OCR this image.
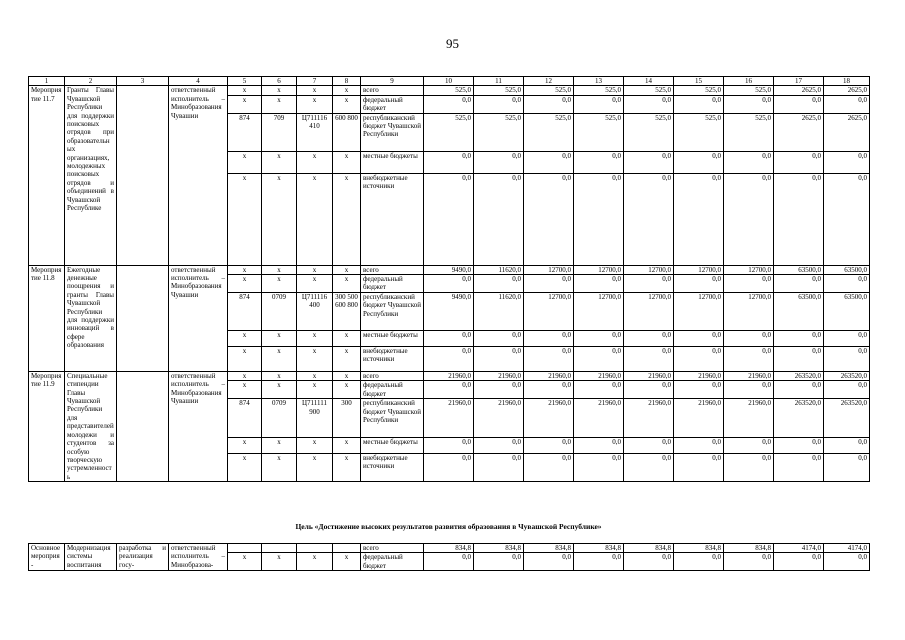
95
1	2	3	4	5	6	7	8	9	10	11	12	13	14	15	16	17	18
Мероприятие 11.7	Гранты Главы Чувашской Республики для поддержки поисковых отрядов при образовательных организациях, молодежных поисковых отрядов и объединений в Чувашской Республике		ответственный исполнитель – Минобразования Чувашии	x	x	x	x	всего	525,0	525,0	525,0	525,0	525,0	525,0	525,0	2625,0	2625,0
				x	x	x	x	федеральный бюджет	0,0	0,0	0,0	0,0	0,0	0,0	0,0	0,0	0,0
				874	709	Ц711116 410	600 800	республиканский бюджет Чувашской Республики	525,0	525,0	525,0	525,0	525,0	525,0	525,0	2625,0	2625,0
				x	x	x	x	местные бюджеты	0,0	0,0	0,0	0,0	0,0	0,0	0,0	0,0	0,0
				x	x	x	x	внебюджетные источники	0,0	0,0	0,0	0,0	0,0	0,0	0,0	0,0	0,0
Мероприятие 11.8	Ежегодные денежные поощрения и гранты Главы Чувашской Республики для поддержки инноваций в сфере образования		ответственный исполнитель – Минобразования Чувашии	x	x	x	x	всего	9490,0	11620,0	12700,0	12700,0	12700,0	12700,0	12700,0	63500,0	63500,0
				x	x	x	x	федеральный бюджет	0,0	0,0	0,0	0,0	0,0	0,0	0,0	0,0	0,0
				874	0709	Ц711116 400	300 500 600 800	республиканский бюджет Чувашской Республики	9490,0	11620,0	12700,0	12700,0	12700,0	12700,0	12700,0	63500,0	63500,0
				x	x	x	x	местные бюджеты	0,0	0,0	0,0	0,0	0,0	0,0	0,0	0,0	0,0
				x	x	x	x	внебюджетные источники	0,0	0,0	0,0	0,0	0,0	0,0	0,0	0,0	0,0
Мероприятие 11.9	Специальные стипендии Главы Чувашской Республики для представителей молодежи и студентов за особую творческую устремленность		ответственный исполнитель – Минобразования Чувашии	x	x	x	x	всего	21960,0	21960,0	21960,0	21960,0	21960,0	21960,0	21960,0	263520,0	263520,0
				x	x	x	x	федеральный бюджет	0,0	0,0	0,0	0,0	0,0	0,0	0,0	0,0	0,0
				874	0709	Ц711111 900	300	республиканский бюджет Чувашской Республики	21960,0	21960,0	21960,0	21960,0	21960,0	21960,0	21960,0	263520,0	263520,0
				x	x	x	x	местные бюджеты	0,0	0,0	0,0	0,0	0,0	0,0	0,0	0,0	0,0
				x	x	x	x	внебюджетные источники	0,0	0,0	0,0	0,0	0,0	0,0	0,0	0,0	0,0
Цель «Достижение высоких результатов развития образования в Чувашской Республике»
Основное мероприя-	Модернизация системы воспитания	разработка и реализация госу-	ответственный исполнитель – Минобразова-					всего	834,8	834,8	834,8	834,8	834,8	834,8	834,8	4174,0	4174,0
				x	x	x	x	федеральный бюджет	0,0	0,0	0,0	0,0	0,0	0,0	0,0	0,0	0,0
